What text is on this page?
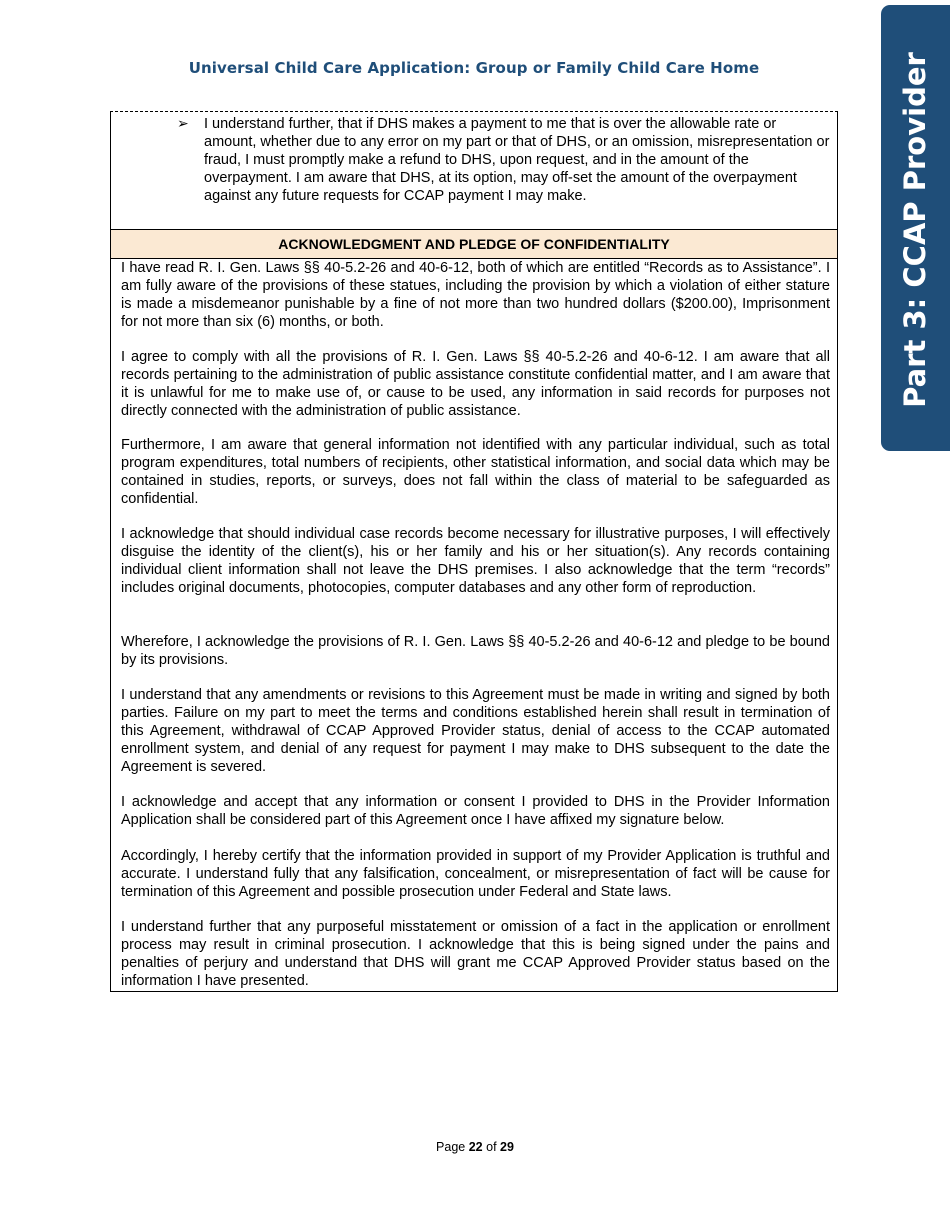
Universal Child Care Application: Group or Family Child Care Home	Part 3: CCAP Provider
➢ I understand further, that if DHS makes a payment to me that is over the allowable rate or amount, whether due to any error on my part or that of DHS, or an omission, misrepresentation or fraud, I must promptly make a refund to DHS, upon request, and in the amount of the overpayment. I am aware that DHS, at its option, may off-set the amount of the overpayment against any future requests for CCAP payment I may make.
ACKNOWLEDGMENT AND PLEDGE OF CONFIDENTIALITY

I have read R. I. Gen. Laws §§ 40-5.2-26 and 40-6-12, both of which are entitled “Records as to Assistance”. I am fully aware of the provisions of these statues, including the provision by which a violation of either stature is made a misdemeanor punishable by a fine of not more than two hundred dollars ($200.00), Imprisonment for not more than six (6) months, or both.

I agree to comply with all the provisions of R. I. Gen. Laws §§ 40-5.2-26 and 40-6-12. I am aware that all records pertaining to the administration of public assistance constitute confidential matter, and I am aware that it is unlawful for me to make use of, or cause to be used, any information in said records for purposes not directly connected with the administration of public assistance.

Furthermore, I am aware that general information not identified with any particular individual, such as total program expenditures, total numbers of recipients, other statistical information, and social data which may be contained in studies, reports, or surveys, does not fall within the class of material to be safeguarded as confidential.

I acknowledge that should individual case records become necessary for illustrative purposes, I will effectively disguise the identity of the client(s), his or her family and his or her situation(s). Any records containing individual client information shall not leave the DHS premises. I also acknowledge that the term “records” includes original documents, photocopies, computer databases and any other form of reproduction.

Wherefore, I acknowledge the provisions of R. I. Gen. Laws §§ 40-5.2-26 and 40-6-12 and pledge to be bound by its provisions.

I understand that any amendments or revisions to this Agreement must be made in writing and signed by both parties. Failure on my part to meet the terms and conditions established herein shall result in termination of this Agreement, withdrawal of CCAP Approved Provider status, denial of access to the CCAP automated enrollment system, and denial of any request for payment I may make to DHS subsequent to the date the Agreement is severed.

I acknowledge and accept that any information or consent I provided to DHS in the Provider Information Application shall be considered part of this Agreement once I have affixed my signature below.

Accordingly, I hereby certify that the information provided in support of my Provider Application is truthful and accurate. I understand fully that any falsification, concealment, or misrepresentation of fact will be cause for termination of this Agreement and possible prosecution under Federal and State laws.

I understand further that any purposeful misstatement or omission of a fact in the application or enrollment process may result in criminal prosecution. I acknowledge that this is being signed under the pains and penalties of perjury and understand that DHS will grant me CCAP Approved Provider status based on the information I have presented.

Page 22 of 29
